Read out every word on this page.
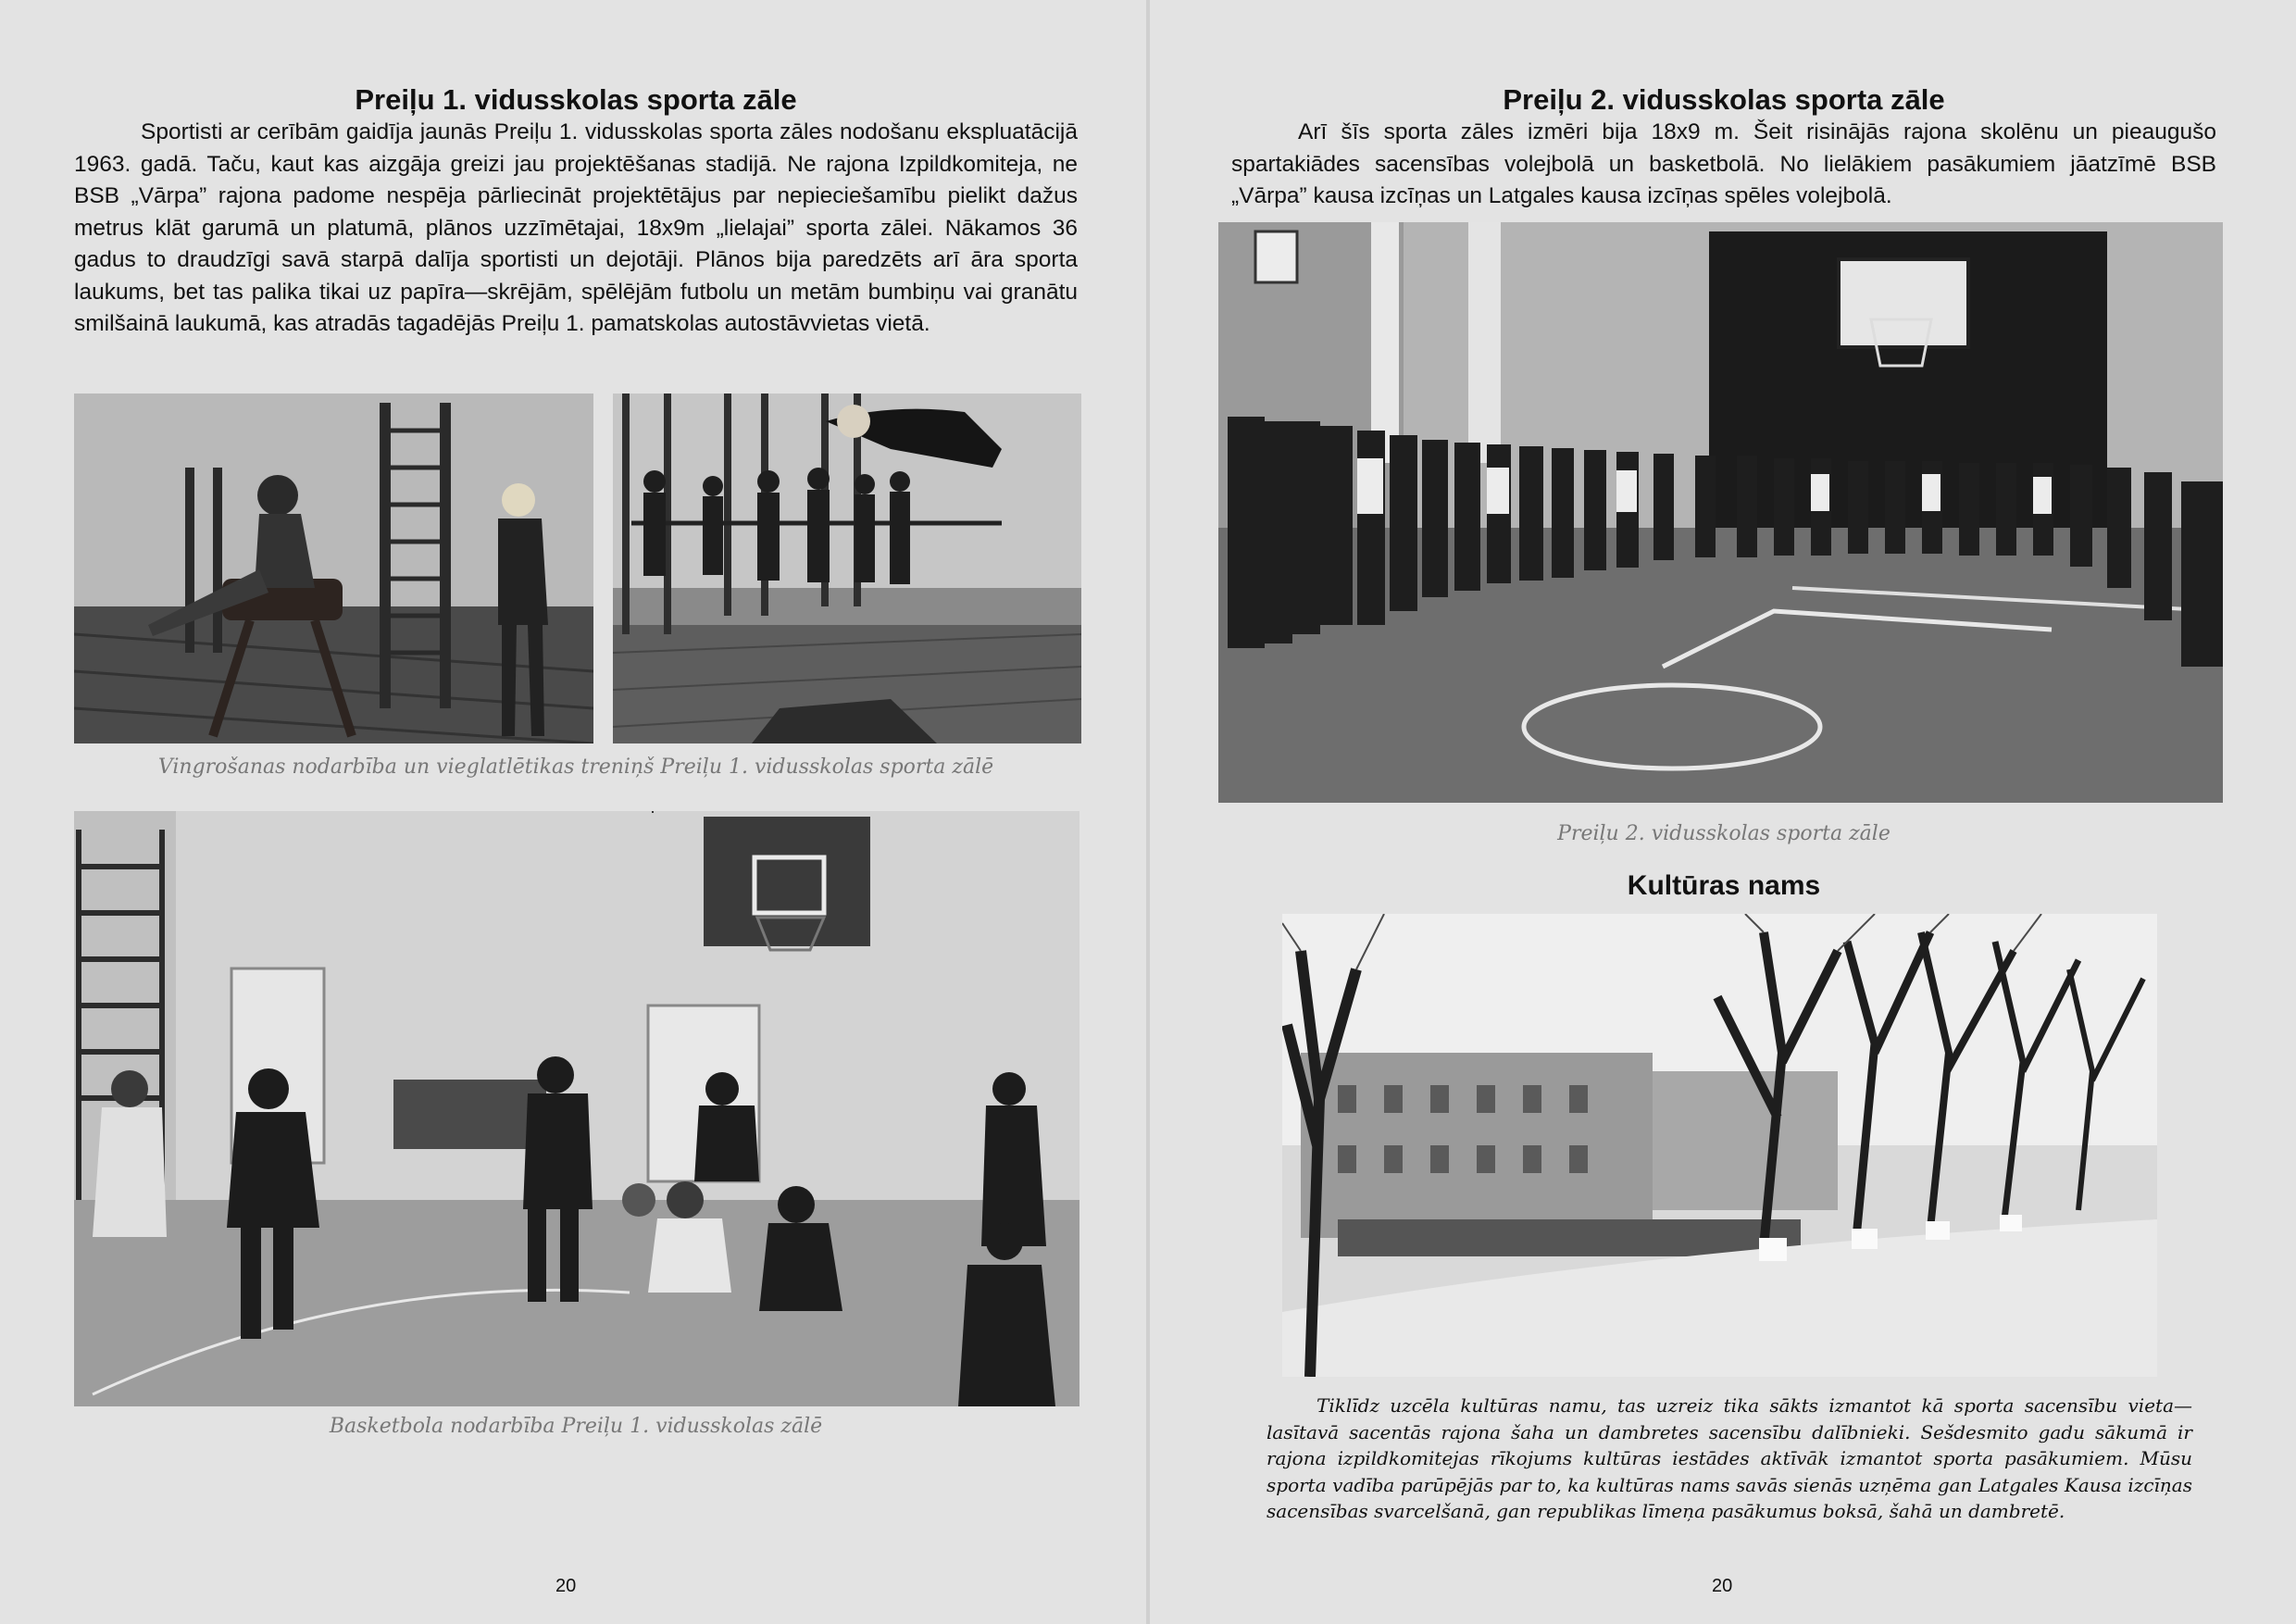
Preiļu 1. vidusskolas sporta zāle

Sportisti ar cerībām gaidīja jaunās Preiļu 1. vidusskolas sporta zāles nodošanu ekspluatācijā 1963. gadā. Taču, kaut kas aizgāja greizi jau projektēšanas stadijā. Ne rajona Izpildkomiteja, ne BSB „Vārpa” rajona padome nespēja pārliecināt projektētājus par nepieciešamību pielikt dažus metrus klāt garumā un platumā, plānos uzzīmētajai, 18x9m „lielajai” sporta zālei. Nākamos 36 gadus to draudzīgi savā starpā dalīja sportisti un dejotāji. Plānos bija paredzēts arī āra sporta laukums, bet tas palika tikai uz papīra—skrējām, spēlējām futbolu un metām bumbiņu vai granātu smilšainā laukumā, kas atradās tagadējās Preiļu 1. pamatskolas autostāvvietas vietā.

Vingrošanas nodarbība un vieglatlētikas treniņš Preiļu 1. vidusskolas sporta zālē

Basketbola nodarbība Preiļu 1. vidusskolas zālē

20
Preiļu 2. vidusskolas sporta zāle

Arī šīs sporta zāles izmēri bija 18x9 m. Šeit risinājās rajona skolēnu un pieaugušo spartakiādes sacensības volejbolā un basketbolā. No lielākiem pasākumiem jāatzīmē BSB „Vārpa” kausa izcīņas un Latgales kausa izcīņas spēles volejbolā.

Preiļu 2. vidusskolas sporta zāle

Kultūras nams

Tiklīdz uzcēla kultūras namu, tas uzreiz tika sākts izmantot kā sporta sacensību vieta—lasītavā sacentās rajona šaha un dambretes sacensību dalībnieki. Sešdesmito gadu sākumā ir rajona izpildkomitejas rīkojums kultūras iestādes aktīvāk izmantot sporta pasākumiem. Mūsu sporta vadība parūpējās par to, ka kultūras nams savās sienās uzņēma gan Latgales Kausa izcīņas sacensības svarcelšanā, gan republikas līmeņa pasākumus boksā, šahā un dambretē.

20
